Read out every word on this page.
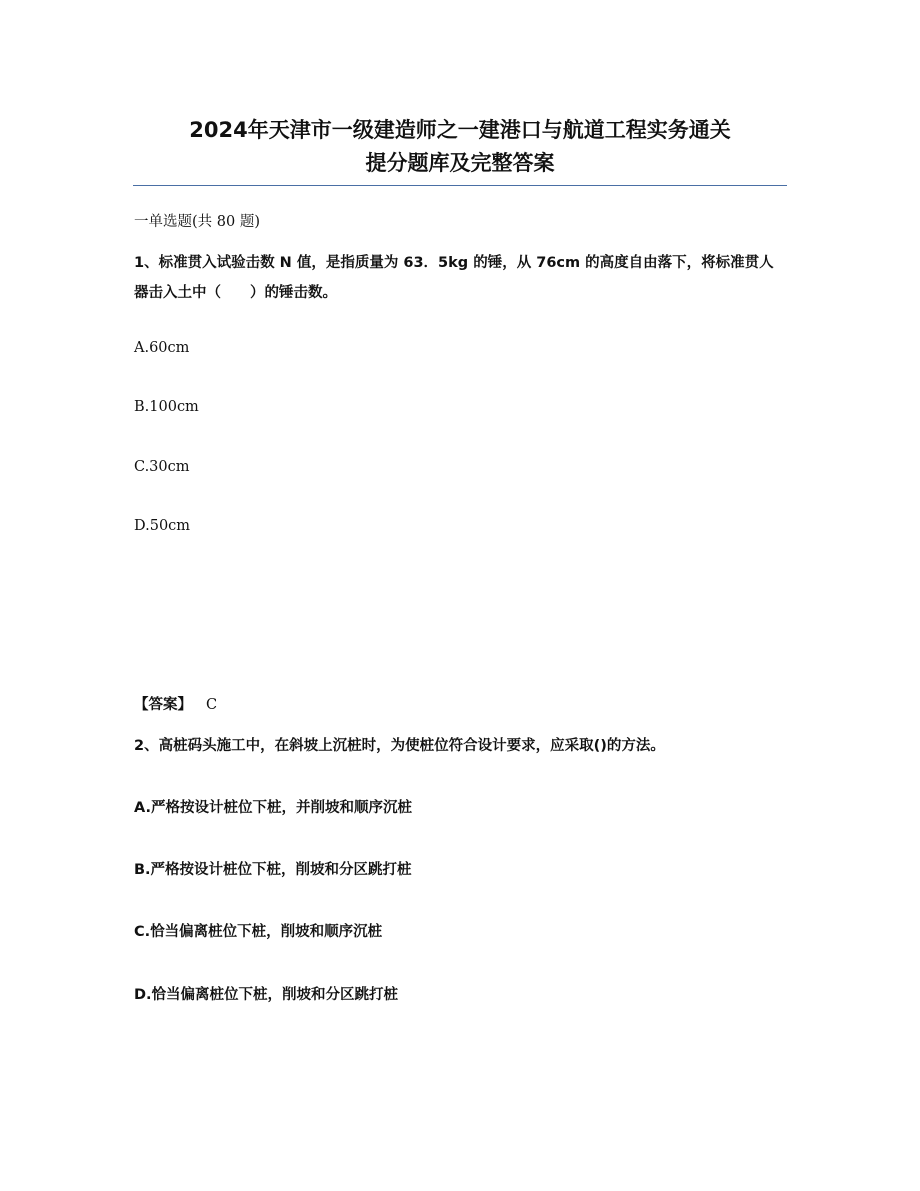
2024年天津市一级建造师之一建港口与航道工程实务通关
提分题库及完整答案
一单选题(共 80 题)
1、标准贯入试验击数 N 值，是指质量为 63．5kg 的锤，从 76cm 的高度自由落下，将标准贯人器击入土中（　　）的锤击数。
A.60cm
B.100cm
C.30cm
D.50cm
【答案】 C
2、高桩码头施工中，在斜坡上沉桩时，为使桩位符合设计要求，应采取()的方法。
A.严格按设计桩位下桩，并削坡和顺序沉桩
B.严格按设计桩位下桩，削坡和分区跳打桩
C.恰当偏离桩位下桩，削坡和顺序沉桩
D.恰当偏离桩位下桩，削坡和分区跳打桩
